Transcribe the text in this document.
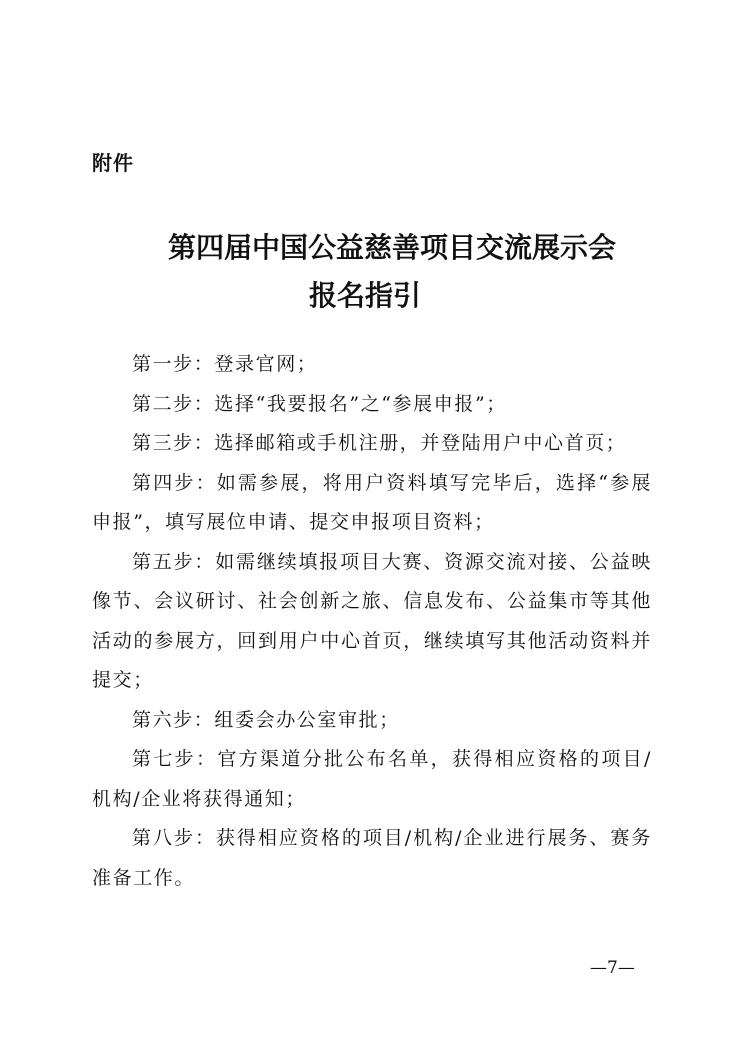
附件
第四届中国公益慈善项目交流展示会
报名指引

第一步：登录官网；

第二步：选择“我要报名”之“参展申报”；

第三步：选择邮箱或手机注册，并登陆用户中心首页；

第四步：如需参展，将用户资料填写完毕后，选择“参展申报”，填写展位申请、提交申报项目资料；

第五步：如需继续填报项目大赛、资源交流对接、公益映像节、会议研讨、社会创新之旅、信息发布、公益集市等其他活动的参展方，回到用户中心首页，继续填写其他活动资料并提交；

第六步：组委会办公室审批；

第七步：官方渠道分批公布名单，获得相应资格的项目/机构/企业将获得通知；

第八步：获得相应资格的项目/机构/企业进行展务、赛务准备工作。

—7—
